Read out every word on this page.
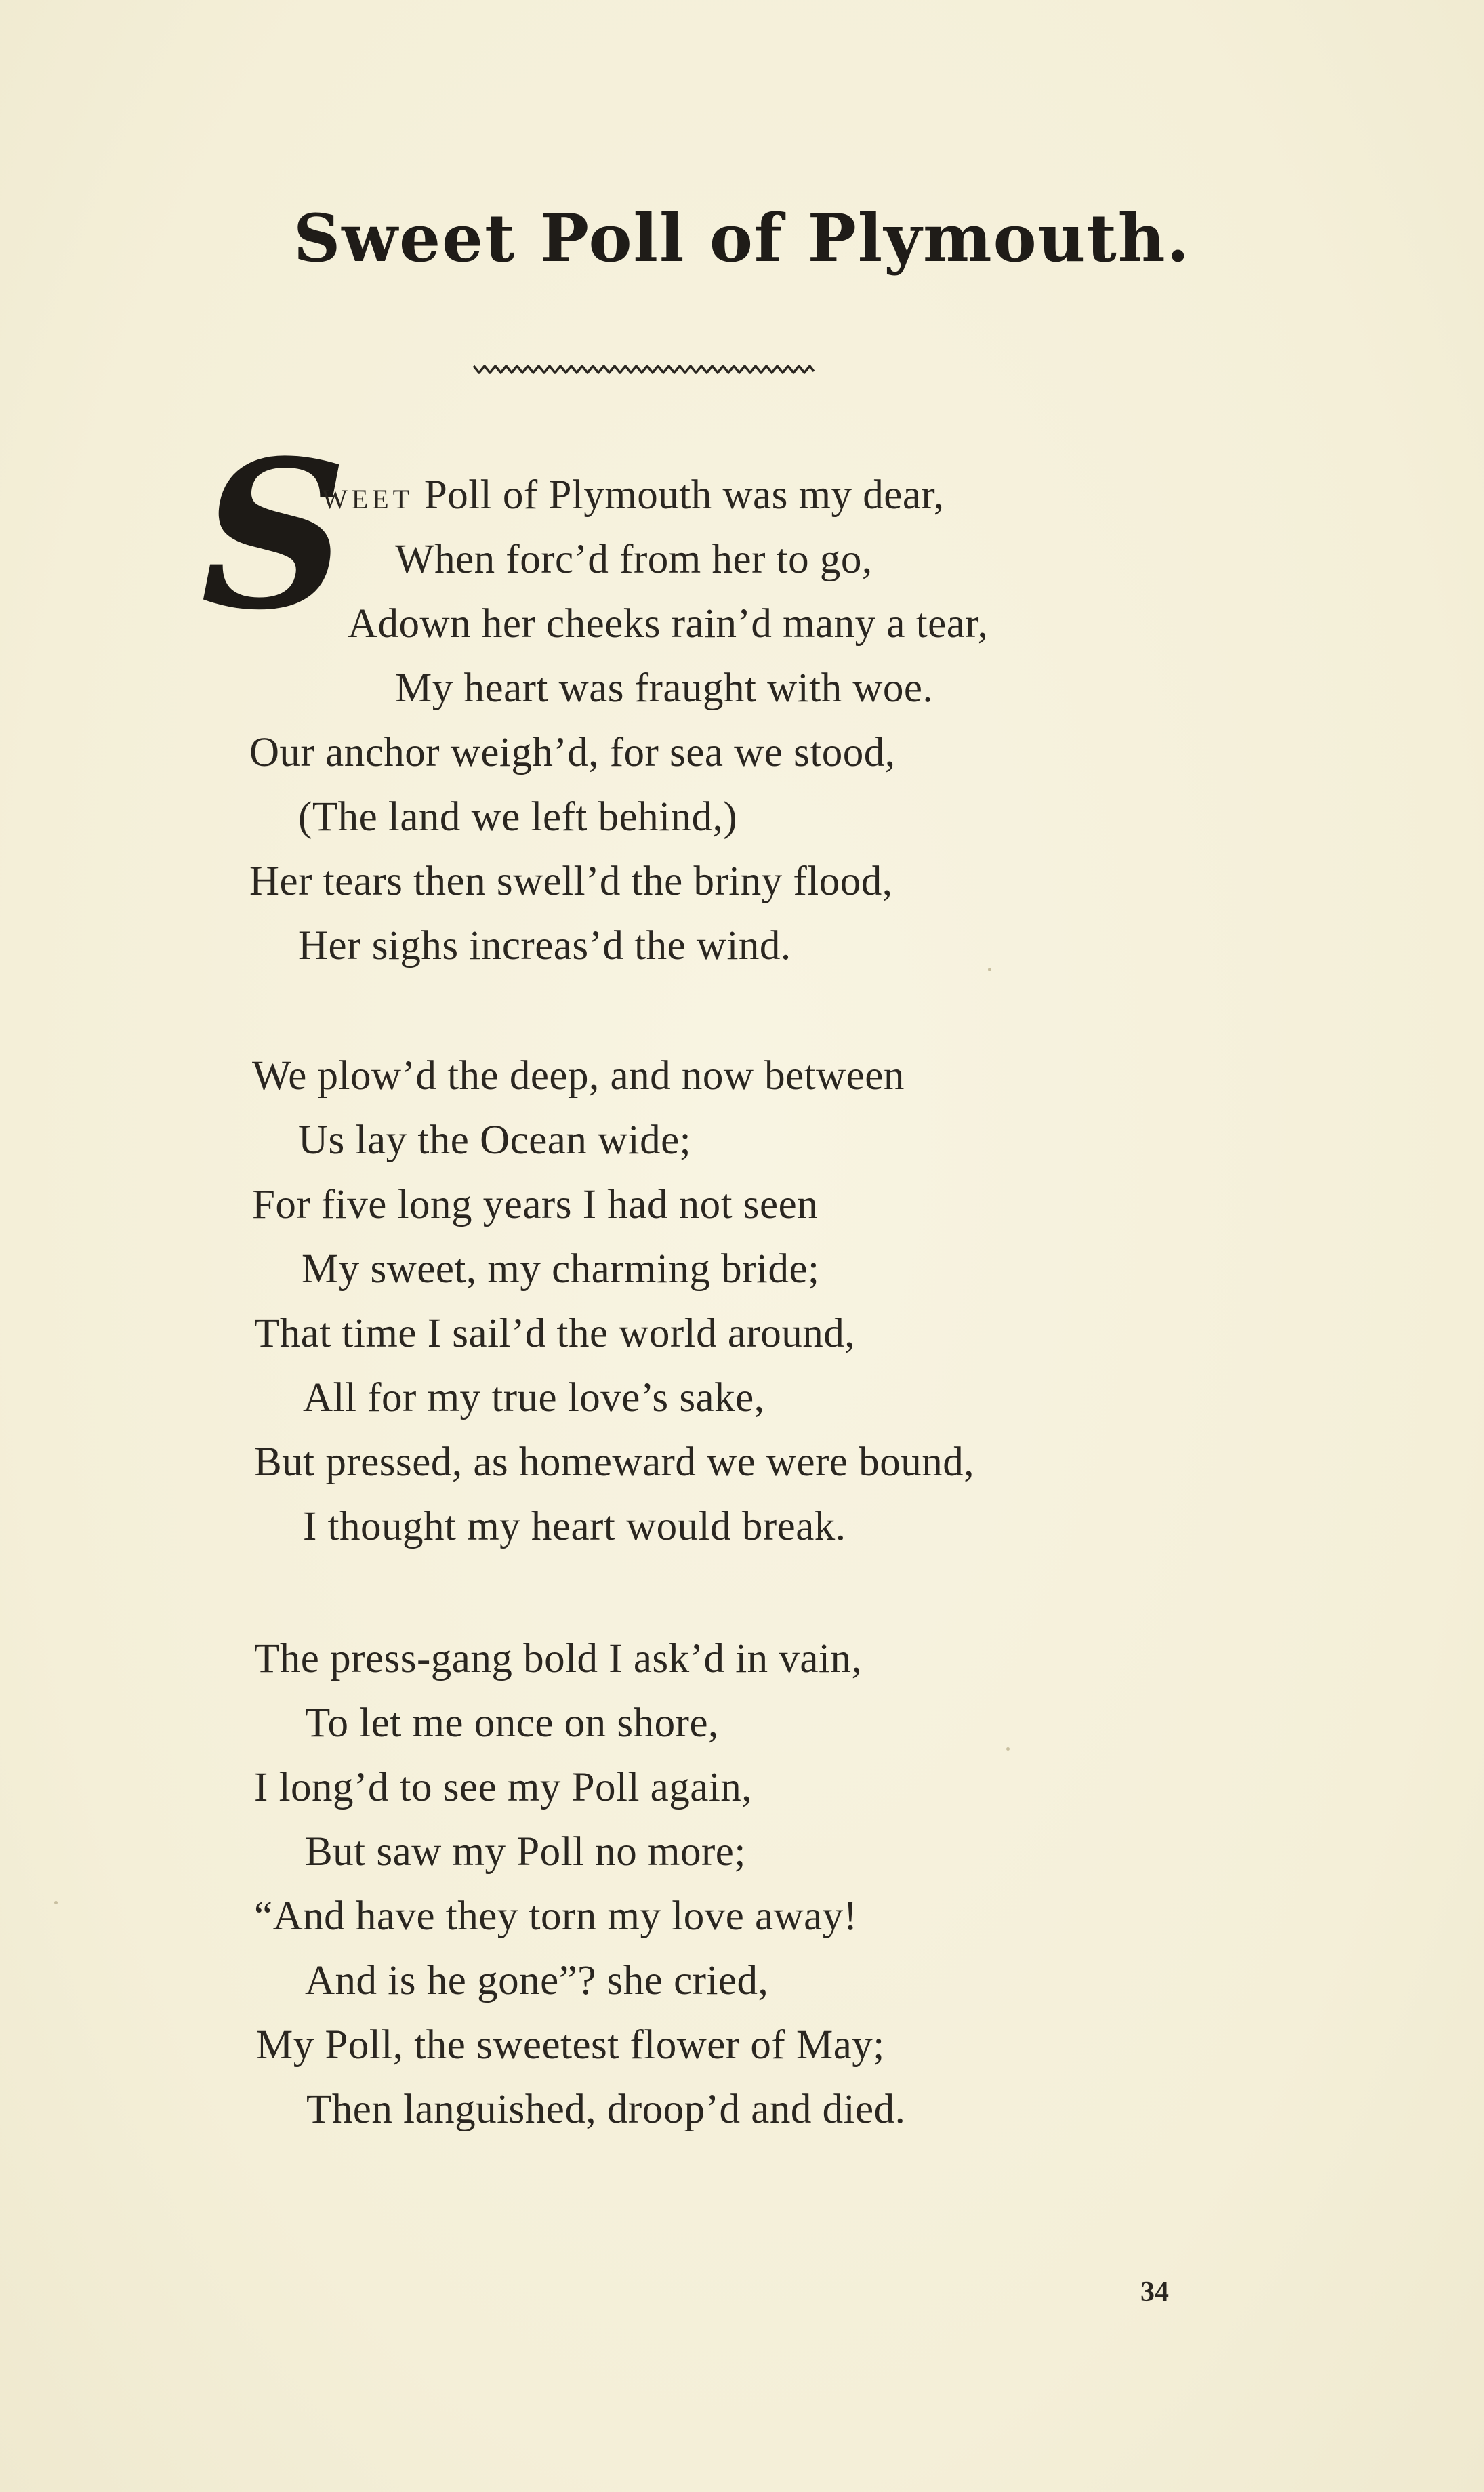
Sweet Poll of Plymouth.
S
WEET Poll of Plymouth was my dear,
When forc’d from her to go,
Adown her cheeks rain’d many a tear,
My heart was fraught with woe.
Our anchor weigh’d, for sea we stood,
(The land we left behind,)
Her tears then swell’d the briny flood,
Her sighs increas’d the wind.
We plow’d the deep, and now between
Us lay the Ocean wide;
For five long years I had not seen
My sweet, my charming bride;
That time I sail’d the world around,
All for my true love’s sake,
But pressed, as homeward we were bound,
I thought my heart would break.
The press-gang bold I ask’d in vain,
To let me once on shore,
I long’d to see my Poll again,
But saw my Poll no more;
“And have they torn my love away!
And is he gone”? she cried,
My Poll, the sweetest flower of May;
Then languished, droop’d and died.
34
